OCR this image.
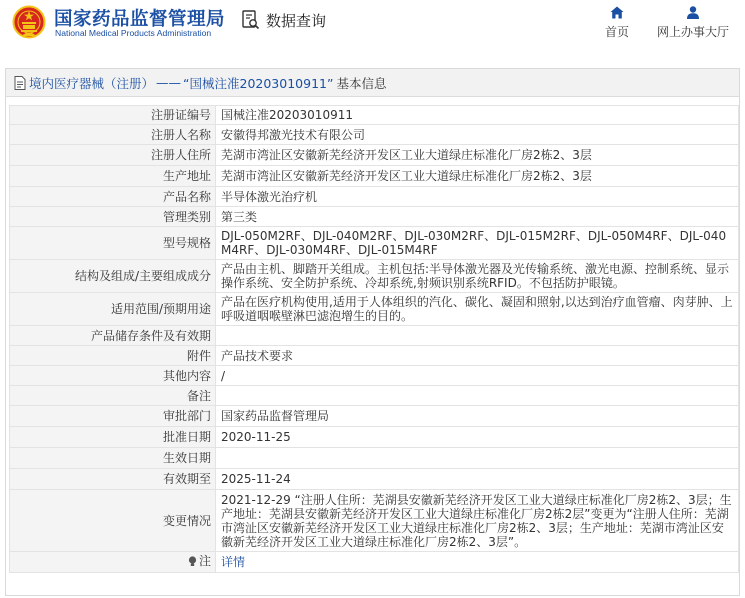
国家药品监督管理局
National Medical Products Administration
数据查询
首页	网上办事大厅
境内医疗器械（注册） —— “国械注准20203010911” 基本信息
注册证编号	国械注准20203010911
注册人名称	安徽得邦激光技术有限公司
注册人住所	芜湖市湾沚区安徽新芜经济开发区工业大道绿庄标准化厂房2栋2、3层
生产地址	芜湖市湾沚区安徽新芜经济开发区工业大道绿庄标准化厂房2栋2、3层
产品名称	半导体激光治疗机
管理类别	第三类
型号规格	DJL-050M2RF、DJL-040M2RF、DJL-030M2RF、DJL-015M2RF、DJL-050M4RF、DJL-040M4RF、DJL-030M4RF、DJL-015M4RF
结构及组成/主要组成成分	产品由主机、脚踏开关组成。主机包括:半导体激光器及光传输系统、激光电源、控制系统、显示操作系统、安全防护系统、冷却系统,射频识别系统RFID。不包括防护眼镜。
适用范围/预期用途	产品在医疗机构使用,适用于人体组织的汽化、碳化、凝固和照射,以达到治疗血管瘤、肉芽肿、上呼吸道咽喉壁淋巴滤泡增生的目的。
产品储存条件及有效期	
附件	产品技术要求
其他内容	/
备注	
审批部门	国家药品监督管理局
批准日期	2020-11-25
生效日期	
有效期至	2025-11-24
变更情况	2021-12-29 “注册人住所：芜湖县安徽新芜经济开发区工业大道绿庄标准化厂房2栋2、3层；生产地址：芜湖县安徽新芜经济开发区工业大道绿庄标准化厂房2栋2层”变更为“注册人住所：芜湖市湾沚区安徽新芜经济开发区工业大道绿庄标准化厂房2栋2、3层；生产地址：芜湖市湾沚区安徽新芜经济开发区工业大道绿庄标准化厂房2栋2、3层”。

注	详情
